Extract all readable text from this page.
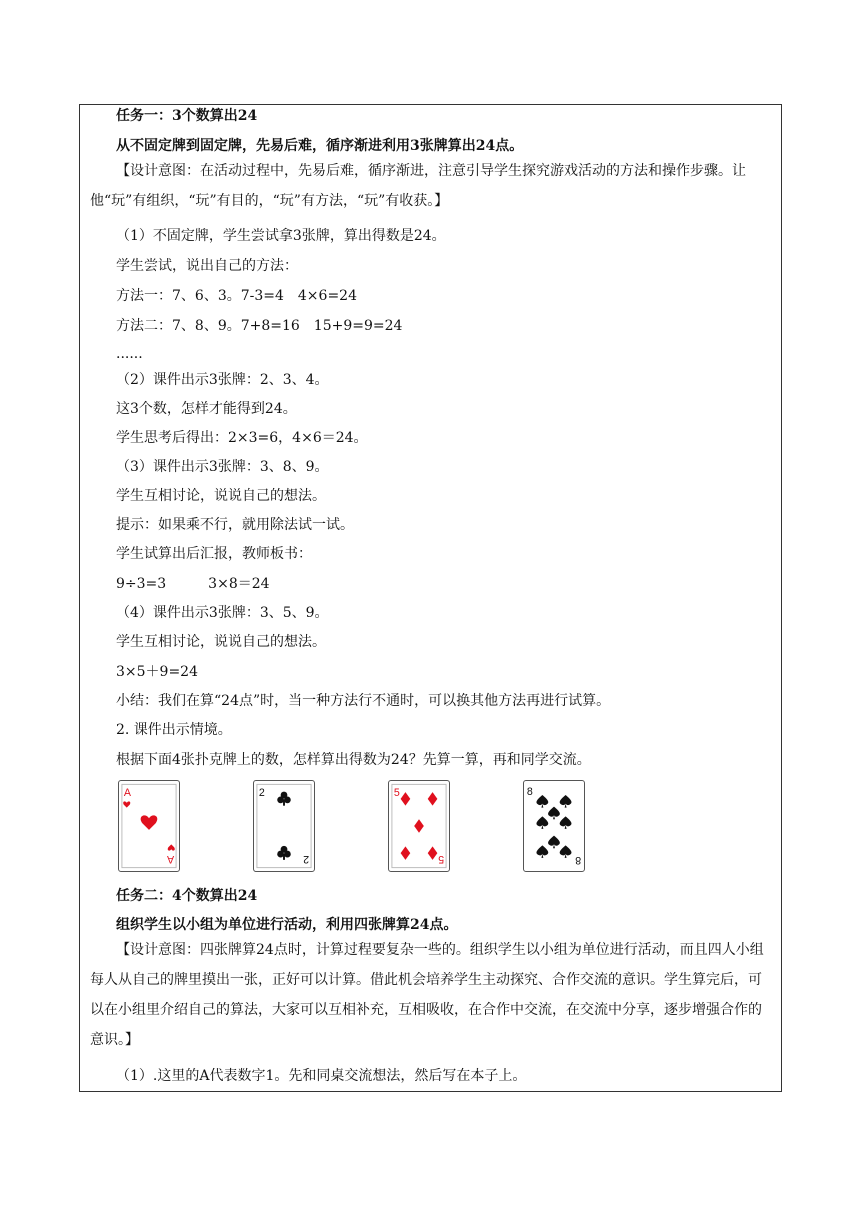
任务一：3个数算出24
从不固定牌到固定牌，先易后难，循序渐进利用3张牌算出24点。
【设计意图：在活动过程中，先易后难，循序渐进，注意引导学生探究游戏活动的方法和操作步骤。让他“玩”有组织，“玩”有目的，“玩”有方法，“玩”有收获。】
（1）不固定牌，学生尝试拿3张牌，算出得数是24。
学生尝试，说出自己的方法：
方法一：7、6、3。7-3=4　4×6=24
方法二：7、8、9。7+8=16　15+9=9=24
......
（2）课件出示3张牌：2、3、4。
这3个数，怎样才能得到24。
学生思考后得出：2×3=6，4×6＝24。
（3）课件出示3张牌：3、8、9。
学生互相讨论，说说自己的想法。
提示：如果乘不行，就用除法试一试。
学生试算出后汇报，教师板书：
9÷3=3　　　3×8＝24
（4）课件出示3张牌：3、5、9。
学生互相讨论，说说自己的想法。
3×5＋9=24
小结：我们在算“24点”时，当一种方法行不通时，可以换其他方法再进行试算。
2. 课件出示情境。
根据下面4张扑克牌上的数，怎样算出得数为24？先算一算，再和同学交流。
A
A
2
2
5
5
8
8
任务二：4个数算出24
组织学生以小组为单位进行活动，利用四张牌算24点。
【设计意图：四张牌算24点时，计算过程要复杂一些的。组织学生以小组为单位进行活动，而且四人小组每人从自己的牌里摸出一张，正好可以计算。借此机会培养学生主动探究、合作交流的意识。学生算完后，可以在小组里介绍自己的算法，大家可以互相补充，互相吸收，在合作中交流，在交流中分享，逐步增强合作的意识。】
（1）.这里的A代表数字1。先和同桌交流想法，然后写在本子上。
